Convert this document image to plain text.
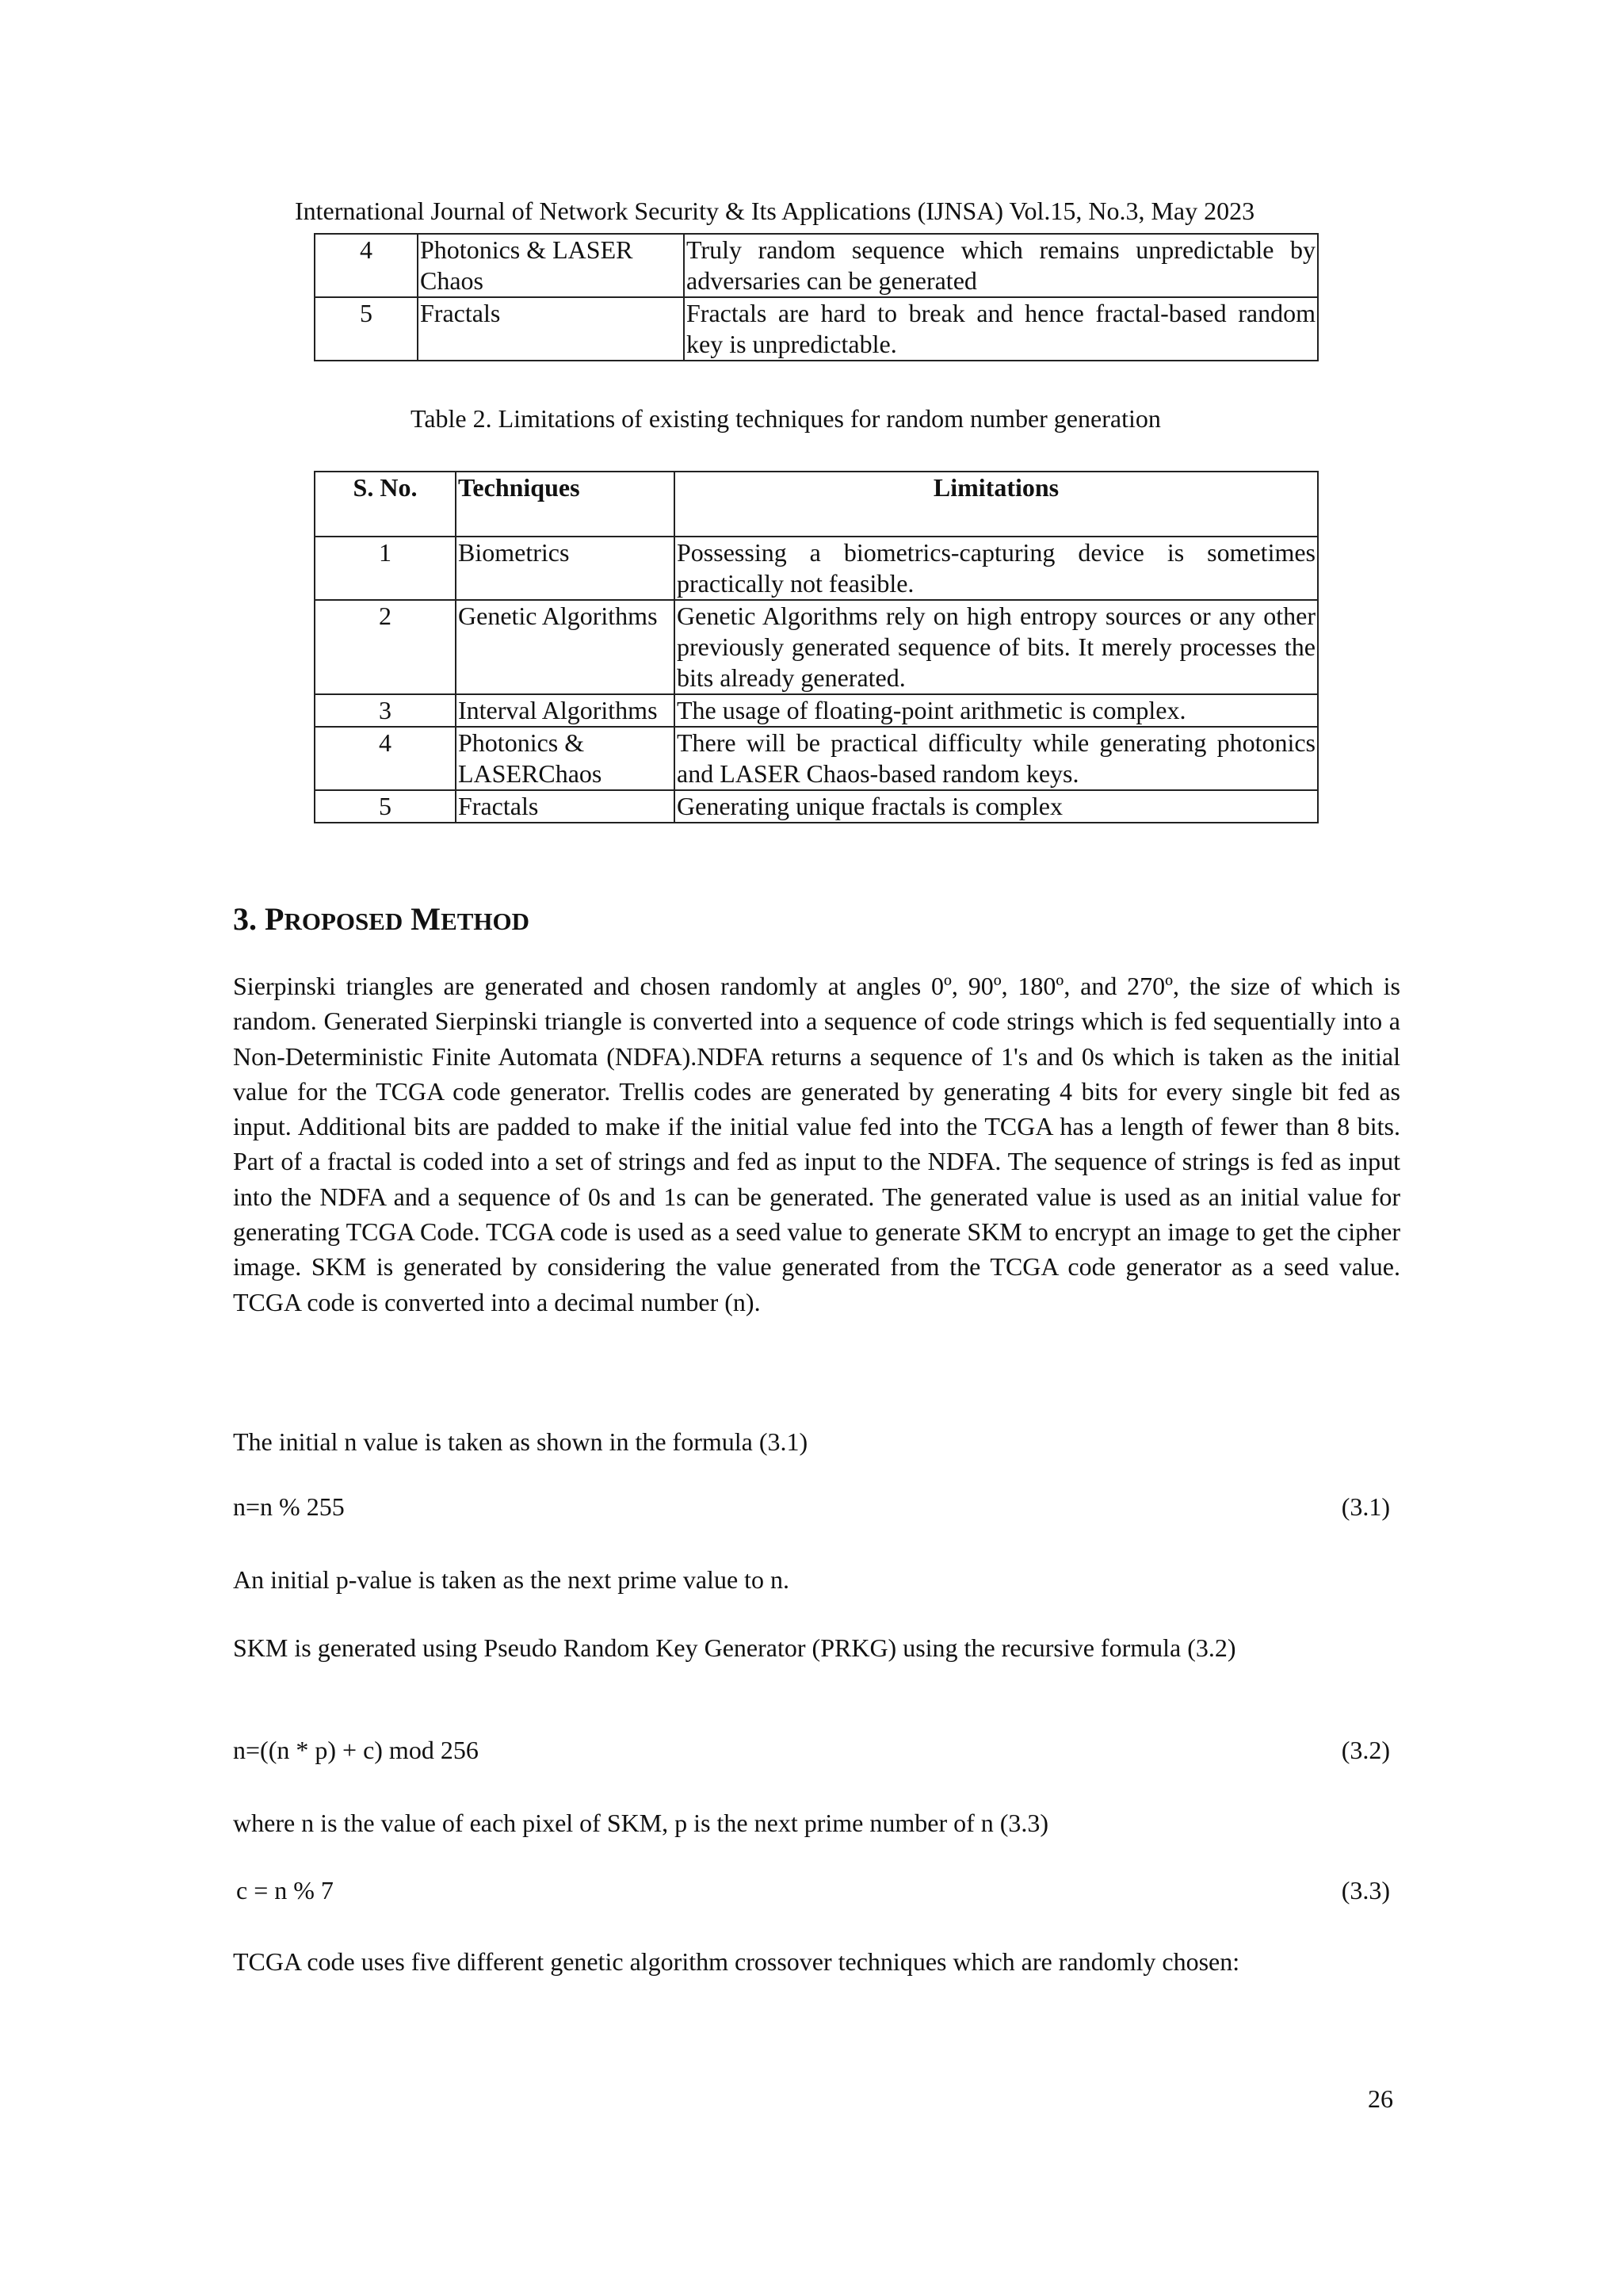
International Journal of Network Security & Its Applications (IJNSA) Vol.15, No.3, May 2023
4	Photonics & LASER Chaos	Truly random sequence which remains unpredictable by adversaries can be generated
5	Fractals	Fractals are hard to break and hence fractal-based random key is unpredictable.
Table 2. Limitations of existing techniques for random number generation
S. No.	Techniques	Limitations
1	Biometrics	Possessing a biometrics-capturing device is sometimes practically not feasible.
2	Genetic Algorithms	Genetic Algorithms rely on high entropy sources or any other previously generated sequence of bits. It merely processes the bits already generated.
3	Interval Algorithms	The usage of floating-point arithmetic is complex.
4	Photonics & LASERChaos	There will be practical difficulty while generating photonics and LASER Chaos-based random keys.
5	Fractals	Generating unique fractals is complex
3. PROPOSED METHOD
Sierpinski triangles are generated and chosen randomly at angles 0º, 90º, 180º, and 270º, the size of which is random. Generated Sierpinski triangle is converted into a sequence of code strings which is fed sequentially into a Non-Deterministic Finite Automata (NDFA).NDFA returns a sequence of 1's and 0s which is taken as the initial value for the TCGA code generator. Trellis codes are generated by generating 4 bits for every single bit fed as input. Additional bits are padded to make if the initial value fed into the TCGA has a length of fewer than 8 bits. Part of a fractal is coded into a set of strings and fed as input to the NDFA. The sequence of strings is fed as input into the NDFA and a sequence of 0s and 1s can be generated. The generated value is used as an initial value for generating TCGA Code. TCGA code is used as a seed value to generate SKM to encrypt an image to get the cipher image. SKM is generated by considering the value generated from the TCGA code generator as a seed value. TCGA code is converted into a decimal number (n).
The initial n value is taken as shown in the formula (3.1)
n=n % 255	(3.1)
An initial p-value is taken as the next prime value to n.
SKM is generated using Pseudo Random Key Generator (PRKG) using the recursive formula (3.2)
n=((n * p) + c) mod 256	(3.2)
where n is the value of each pixel of SKM, p is the next prime number of n (3.3)
c = n % 7	(3.3)
TCGA code uses five different genetic algorithm crossover techniques which are randomly chosen:
26
